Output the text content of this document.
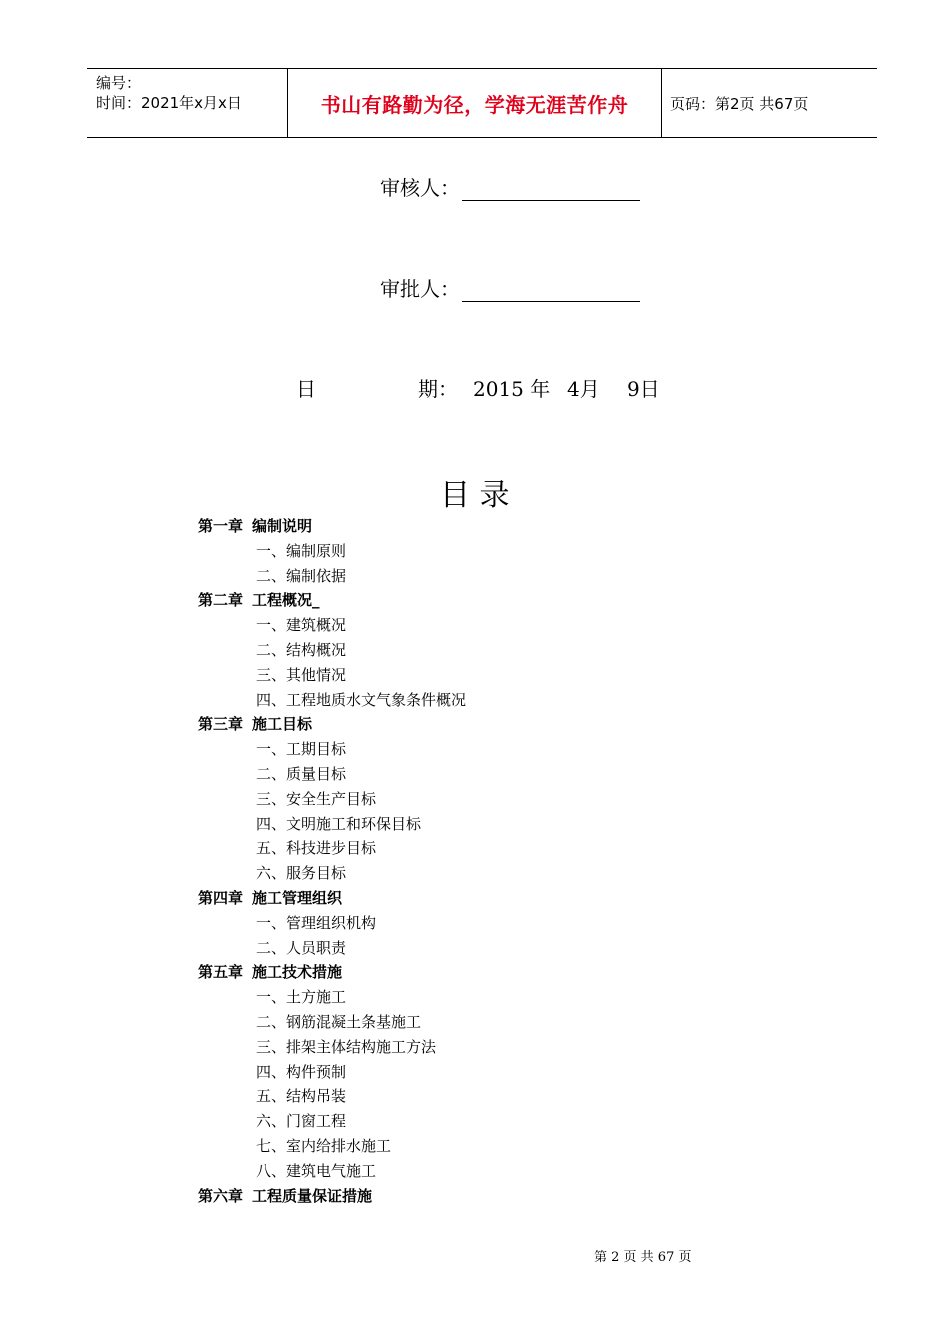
编号：
时间：2021年x月x日	书山有路勤为径，学海无涯苦作舟	页码：第2页 共67页
审核人：
审批人：
日	期： 2015 年 4月 9日
目 录
第一章 编制说明
一、编制原则
二、编制依据
第二章 工程概况_
一、建筑概况
二、结构概况
三、其他情况
四、工程地质水文气象条件概况
第三章 施工目标
一、工期目标
二、质量目标
三、安全生产目标
四、文明施工和环保目标
五、科技进步目标
六、服务目标
第四章 施工管理组织
一、管理组织机构
二、人员职责
第五章 施工技术措施
一、土方施工
二、钢筋混凝土条基施工
三、排架主体结构施工方法
四、构件预制
五、结构吊装
六、门窗工程
七、室内给排水施工
八、建筑电气施工
第六章 工程质量保证措施
第 2 页 共 67 页
